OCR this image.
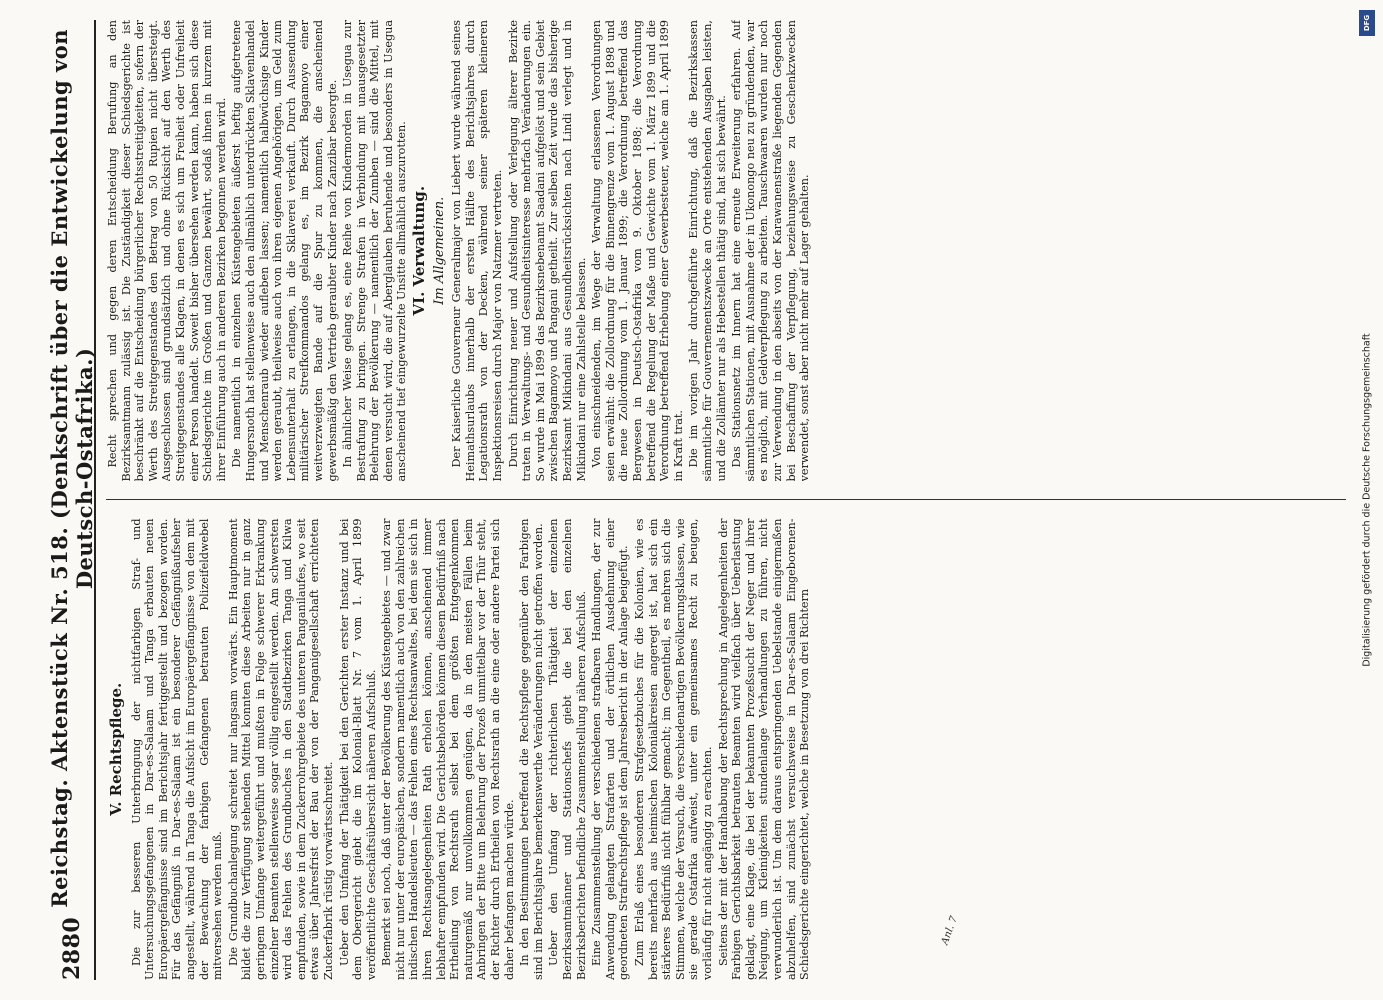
2880
Reichstag. Aktenstück Nr. 518. (Denkschrift über die Entwickelung von Deutsch-Ostafrika.)
V. Rechtspflege. Die zur besseren Unterbringung der nichtfarbigen Straf- und Untersuchungsgefangenen in Dar-es-Salaam und Tanga erbauten neuen Europäergefängnisse sind im Berichtsjahr fertiggestellt und bezogen worden. Für das Gefängniß in Dar-es-Salaam ist ein besonderer Gefängnißaufseher angestellt, während in Tanga die Aufsicht im Europäergefängnisse von dem mit der Bewachung der farbigen Gefangenen betrauten Polizeifeldwebel mitversehen werden muß. Die Grundbuchanlegung schreitet nur langsam vorwärts. Ein Hauptmoment bildet die zur Verfügung stehenden Mittel konnten diese Arbeiten nur in ganz geringem Umfange weitergeführt und mußten in Folge schwerer Erkrankung einzelner Beamten stellenweise sogar völlig eingestellt werden. Am schwersten wird das Fehlen des Grundbuches in den Stadtbezirken Tanga und Kilwa empfunden, sowie in dem Zuckerrohrgebiete des unteren Panganilaufes, wo seit etwas über Jahresfrist der Bau der von der Panganigesellschaft errichteten Zuckerfabrik rüstig vorwärtsschreitet. Ueber den Umfang der Thätigkeit bei den Gerichten erster Instanz und bei dem Obergericht giebt die im Kolonial-Blatt Nr. 7 vom 1. April 1899 veröffentlichte Geschäftsübersicht näheren Aufschluß. Bemerkt sei noch, daß unter der Bevölkerung des Küstengebietes — und zwar nicht nur unter der europäischen, sondern namentlich auch von den zahlreichen indischen Handelsleuten — das Fehlen eines Rechtsanwaltes, bei dem sie sich in ihren Rechtsangelegenheiten Rath erholen können, anscheinend immer lebhafter empfunden wird. Die Gerichtsbehörden können diesem Bedürfniß nach Ertheilung von Rechtsrath selbst bei dem größten Entgegenkommen naturgemäß nur unvollkommen genügen, da in den meisten Fällen beim Anbringen der Bitte um Belehrung der Prozeß unmittelbar vor der Thür steht, der Richter durch Ertheilen von Rechtsrath an die eine oder andere Partei sich daher befangen machen würde. In den Bestimmungen betreffend die Rechtspflege gegenüber den Farbigen sind im Berichtsjahre bemerkenswerthe Veränderungen nicht getroffen worden. Ueber den Umfang der richterlichen Thätigkeit der einzelnen Bezirksamtmänner und Stationschefs giebt die bei den einzelnen Bezirksberichten befindliche Zusammenstellung näheren Aufschluß. Eine Zusammenstellung der verschiedenen strafbaren Handlungen, der zur Anwendung gelangten Strafarten und der örtlichen Ausdehnung einer geordneten Strafrechtspflege ist dem Jahresbericht in der Anlage beigefügt. Zum Erlaß eines besonderen Strafgesetzbuches für die Kolonien, wie es bereits mehrfach aus heimischen Kolonialkreisen angeregt ist, hat sich ein stärkeres Bedürfniß nicht fühlbar gemacht; im Gegentheil, es mehren sich die Stimmen, welche der Versuch, die verschiedenartigen Bevölkerungsklassen, wie sie gerade Ostafrika aufweist, unter ein gemeinsames Recht zu beugen, vorläufig für nicht angängig zu erachten. Seitens der mit der Handhabung der Rechtsprechung in Angelegenheiten der Farbigen Gerichtsbarkeit betrauten Beamten wird vielfach über Ueberlastung geklagt, eine Klage, die bei der bekannten Prozeßsucht der Neger und ihrer Neigung, um Kleinigkeiten stundenlange Verhandlungen zu führen, nicht verwunderlich ist. Um dem daraus entspringenden Uebelstande einigermaßen abzuhelfen, sind zunächst versuchsweise in Dar-es-Salaam Eingeborenen-Schiedsgerichte eingerichtet, welche in Besetzung von drei Richtern

Recht sprechen und gegen deren Entscheidung Berufung an den Bezirksamtmann zulässig ist. Die Zuständigkeit dieser Schiedsgerichte ist beschränkt auf die Entscheidung bürgerlicher Rechtsstreitigkeiten, sofern der Werth des Streitgegenstandes den Betrag von 50 Rupien nicht übersteigt. Ausgeschlossen sind grundsätzlich und ohne Rücksicht auf den Werth des Streitgegenstandes alle Klagen, in denen es sich um Freiheit oder Unfreiheit einer Person handelt. Soweit bisher übersehen werden kann, haben sich diese Schiedsgerichte im Großen und Ganzen bewährt, sodaß ihnen in kurzem mit ihrer Einführung auch in anderen Bezirken begonnen werden wird. Die namentlich in einzelnen Küstengebieten äußerst heftig aufgetretene Hungersnoth hat stellenweise auch den allmählich unterdrückten Sklavenhandel und Menschenraub wieder aufleben lassen; namentlich halbwüchsige Kinder werden geraubt, theilweise auch von ihren eigenen Angehörigen, um Geld zum Lebensunterhalt zu erlangen, in die Sklaverei verkauft. Durch Aussendung militärischer Streifkommandos gelang es, im Bezirk Bagamoyo einer weitverzweigten Bande auf die Spur zu kommen, die anscheinend gewerbsmäßig den Vertrieb geraubter Kinder nach Zanzibar besorgte. In ähnlicher Weise gelang es, eine Reihe von Kindermorden in Usegua zur Bestrafung zu bringen. Strenge Strafen in Verbindung mit unausgesetzter Belehrung der Bevölkerung — namentlich der Zumben — sind die Mittel, mit denen versucht wird, die auf Aberglauben beruhende und besonders in Usegua anscheinend tief eingewurzelte Unsitte allmählich auszurotten. VI. Verwaltung. Im Allgemeinen. Der Kaiserliche Gouverneur Generalmajor von Liebert wurde während seines Heimathsurlaubs innerhalb der ersten Hälfte des Berichtsjahres durch Legationsrath von der Decken, während seiner späteren kleineren Inspektionsreisen durch Major von Natzmer vertreten. Durch Einrichtung neuer und Aufstellung oder Verlegung älterer Bezirke traten in Verwaltungs- und Gesundheitsinteresse mehrfach Veränderungen ein. So wurde im Mai 1899 das Bezirksnebenamt Saadani aufgelöst und sein Gebiet zwischen Bagamoyo und Pangani getheilt. Zur selben Zeit wurde das bisherige Bezirksamt Mikindani aus Gesundheitsrücksichten nach Lindi verlegt und in Mikindani nur eine Zahlstelle belassen. Von einschneidenden, im Wege der Verwaltung erlassenen Verordnungen seien erwähnt: die Zollordnung für die Binnengrenze vom 1. August 1898 und die neue Zollordnung vom 1. Januar 1899; die Verordnung betreffend das Bergwesen in Deutsch-Ostafrika vom 9. Oktober 1898; die Verordnung betreffend die Regelung der Maße und Gewichte vom 1. März 1899 und die Verordnung betreffend Erhebung einer Gewerbesteuer, welche am 1. April 1899 in Kraft trat. Die im vorigen Jahr durchgeführte Einrichtung, daß die Bezirkskassen sämmtliche für Gouvernementszwecke an Orte entstehenden Ausgaben leisten, und die Zollämter nur als Hebestellen thätig sind, hat sich bewährt. Das Stationsnetz im Innern hat eine erneute Erweiterung erfahren. Auf sämmtlichen Stationen, mit Ausnahme der in Ukonongo neu zu gründenden, war es möglich, mit Geldverpflegung zu arbeiten. Tauschwaaren wurden nur noch zur Verwendung in den abseits von der Karawanenstraße liegenden Gegenden bei Beschaffung der Verpflegung, beziehungsweise zu Geschenkzwecken verwendet, sonst aber nicht mehr auf Lager gehalten.

Anl. 7
DFG
Digitalisierung gefördert durch die Deutsche Forschungsgemeinschaft
